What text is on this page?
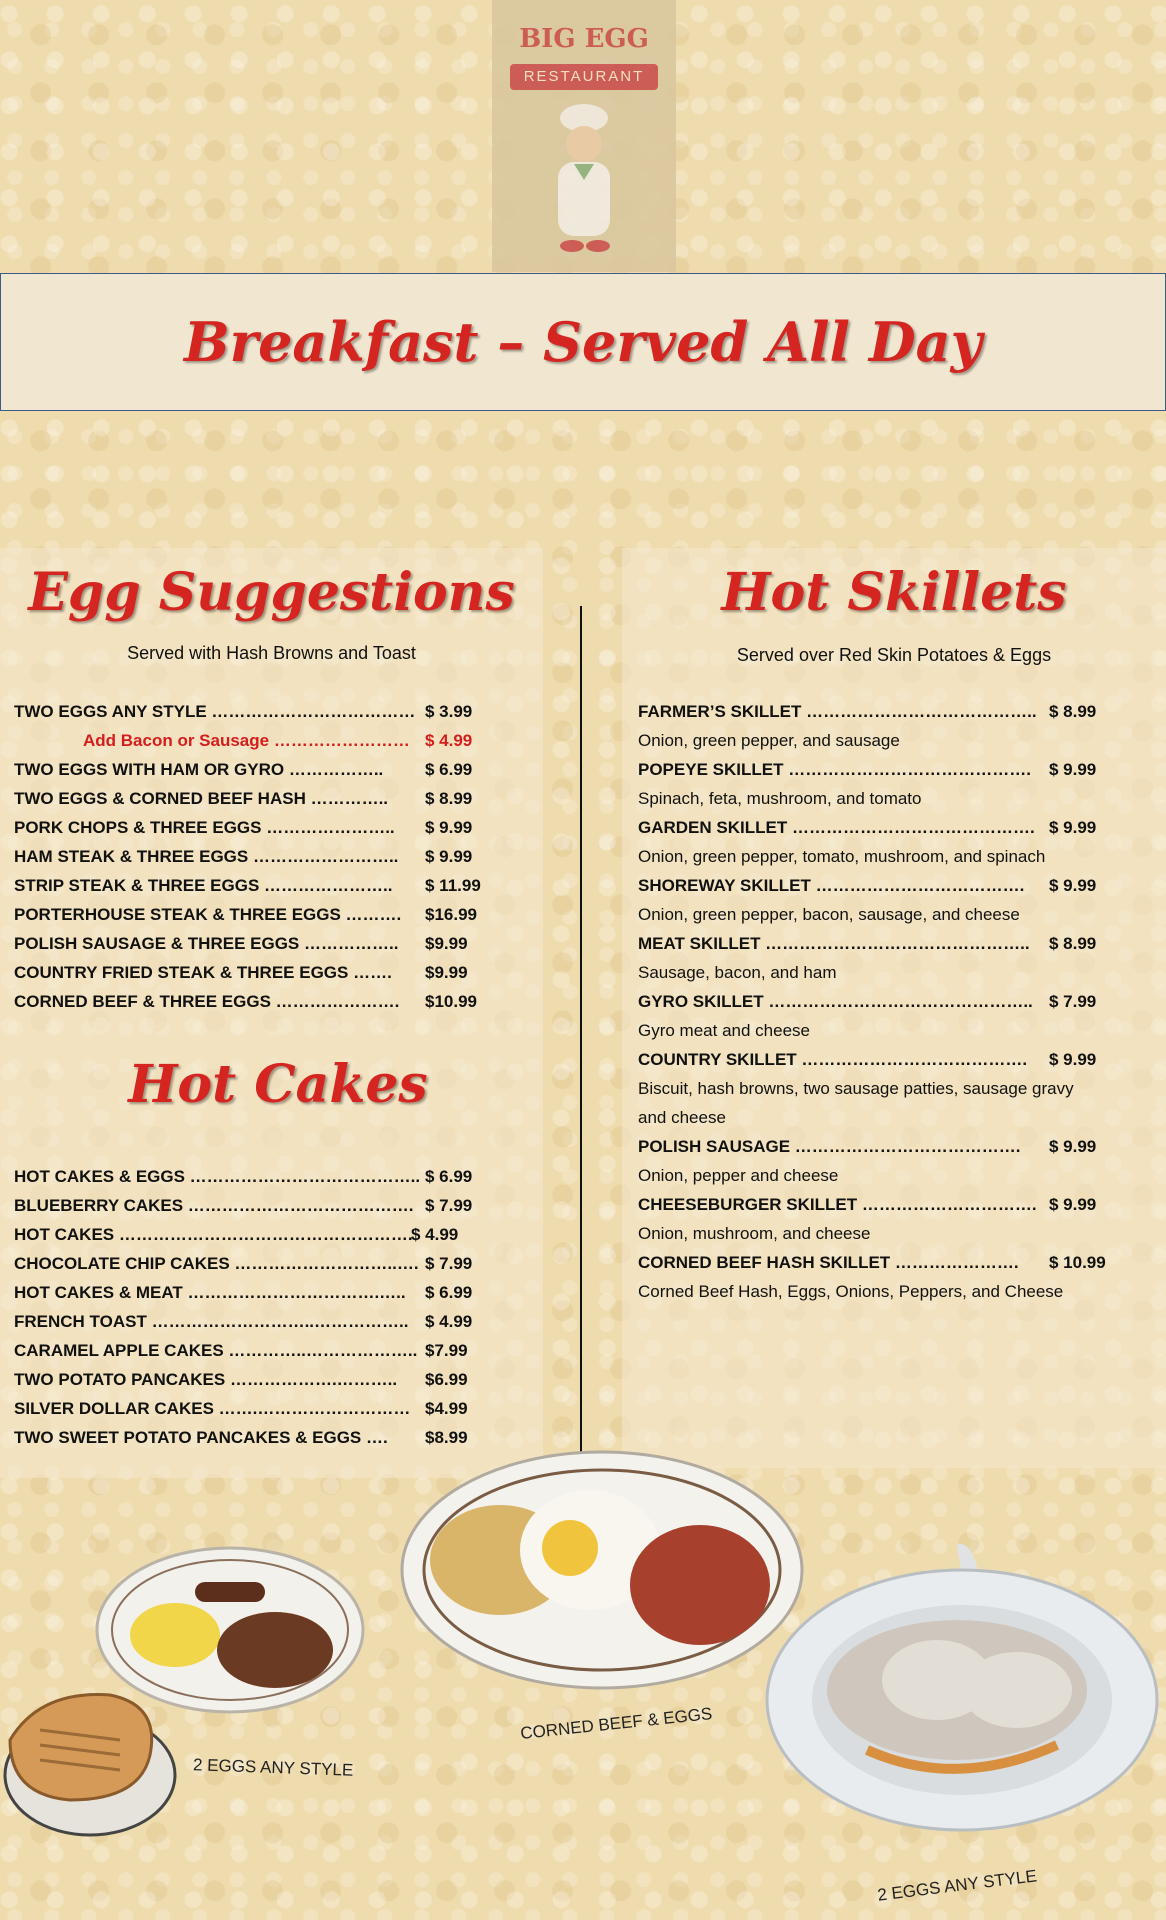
BIG EGG
RESTAURANT
Breakfast – Served All Day
Egg Suggestions
Served with Hash Browns and Toast
TWO EGGS ANY STYLE ……………………………… $ 3.99
Add Bacon or Sausage …………………… $ 4.99
TWO EGGS WITH HAM OR GYRO …………….. $ 6.99
TWO EGGS & CORNED BEEF HASH ………….. $ 8.99
PORK CHOPS & THREE EGGS ………………….. $ 9.99
HAM STEAK & THREE EGGS …………………….. $ 9.99
STRIP STEAK & THREE EGGS ………………….. $ 11.99
PORTERHOUSE STEAK & THREE EGGS ………. $16.99
POLISH SAUSAGE & THREE EGGS …………….. $9.99
COUNTRY FRIED STEAK & THREE EGGS ……. $9.99
CORNED BEEF & THREE EGGS …………………. $10.99
Hot Cakes
HOT CAKES & EGGS ………………………………….. $ 6.99
BLUEBERRY CAKES …………………………………. $ 7.99
HOT CAKES …………………………………………….
$ 4.99
CHOCOLATE CHIP CAKES ………………………..…. $ 7.99
HOT CAKES & MEAT …………………………….….. $ 6.99
FRENCH TOAST ………………………..…………….. $ 4.99
CARAMEL APPLE CAKES …………..……………….. $7.99
TWO POTATO PANCAKES ……………….……….. $6.99
SILVER DOLLAR CAKES …….……………………… $4.99
TWO SWEET POTATO PANCAKES & EGGS …. $8.99
Hot Skillets
Served over Red Skin Potatoes & Eggs
FARMER’S SKILLET ………………………………….. $ 8.99
Onion, green pepper, and sausage
POPEYE SKILLET ……………………………………. $ 9.99
Spinach, feta, mushroom, and tomato
GARDEN SKILLET ……………………………………. $ 9.99
Onion, green pepper, tomato, mushroom, and spinach
SHOREWAY SKILLET ………………………………. $ 9.99
Onion, green pepper, bacon, sausage, and cheese
MEAT SKILLET ……………………………………….. $ 8.99
Sausage, bacon, and ham
GYRO SKILLET ……………………………………….. $ 7.99
Gyro meat and cheese
COUNTRY SKILLET …………………………………. $ 9.99
Biscuit, hash browns, two sausage patties, sausage gravy
and cheese
POLISH SAUSAGE …………………………………. $ 9.99
Onion, pepper and cheese
CHEESEBURGER SKILLET …………………………. $ 9.99
Onion, mushroom, and cheese
CORNED BEEF HASH SKILLET …………………. $ 10.99
Corned Beef Hash, Eggs, Onions, Peppers, and Cheese
2 EGGS ANY STYLE
CORNED BEEF & EGGS
2 EGGS ANY STYLE
